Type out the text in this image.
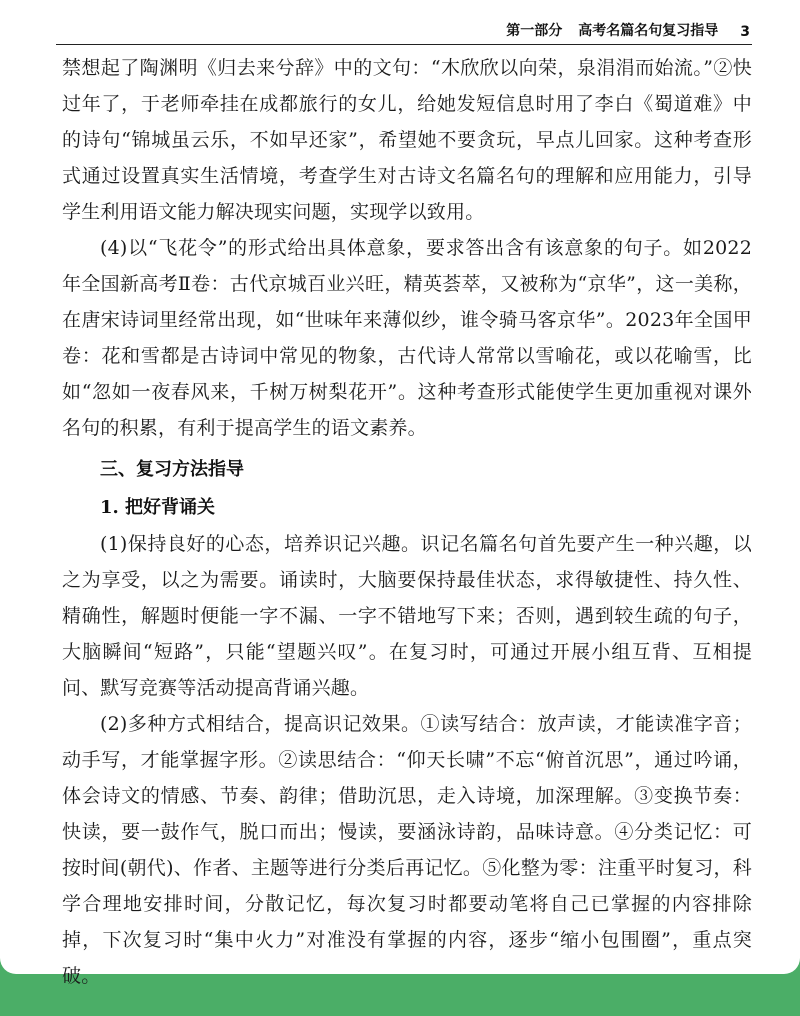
第一部分 高考名篇名句复习指导 3

禁想起了陶渊明《归去来兮辞》中的文句：“木欣欣以向荣，泉涓涓而始流。”②快过年了，于老师牵挂在成都旅行的女儿，给她发短信息时用了李白《蜀道难》中的诗句“锦城虽云乐，不如早还家”，希望她不要贪玩，早点儿回家。这种考查形式通过设置真实生活情境，考查学生对古诗文名篇名句的理解和应用能力，引导学生利用语文能力解决现实问题，实现学以致用。

(4)以“飞花令”的形式给出具体意象，要求答出含有该意象的句子。如2022年全国新高考Ⅱ卷：古代京城百业兴旺，精英荟萃，又被称为“京华”，这一美称，在唐宋诗词里经常出现，如“世味年来薄似纱，谁令骑马客京华”。2023年全国甲卷：花和雪都是古诗词中常见的物象，古代诗人常常以雪喻花，或以花喻雪，比如“忽如一夜春风来，千树万树梨花开”。这种考查形式能使学生更加重视对课外名句的积累，有利于提高学生的语文素养。

三、复习方法指导
1. 把好背诵关

(1)保持良好的心态，培养识记兴趣。识记名篇名句首先要产生一种兴趣，以之为享受，以之为需要。诵读时，大脑要保持最佳状态，求得敏捷性、持久性、精确性，解题时便能一字不漏、一字不错地写下来；否则，遇到较生疏的句子，大脑瞬间“短路”，只能“望题兴叹”。在复习时，可通过开展小组互背、互相提问、默写竞赛等活动提高背诵兴趣。

(2)多种方式相结合，提高识记效果。①读写结合：放声读，才能读准字音；动手写，才能掌握字形。②读思结合：“仰天长啸”不忘“俯首沉思”，通过吟诵，体会诗文的情感、节奏、韵律；借助沉思，走入诗境，加深理解。③变换节奏：快读，要一鼓作气，脱口而出；慢读，要涵泳诗韵，品味诗意。④分类记忆：可按时间(朝代)、作者、主题等进行分类后再记忆。⑤化整为零：注重平时复习，科学合理地安排时间，分散记忆，每次复习时都要动笔将自己已掌握的内容排除掉，下次复习时“集中火力”对准没有掌握的内容，逐步“缩小包围圈”，重点突破。
